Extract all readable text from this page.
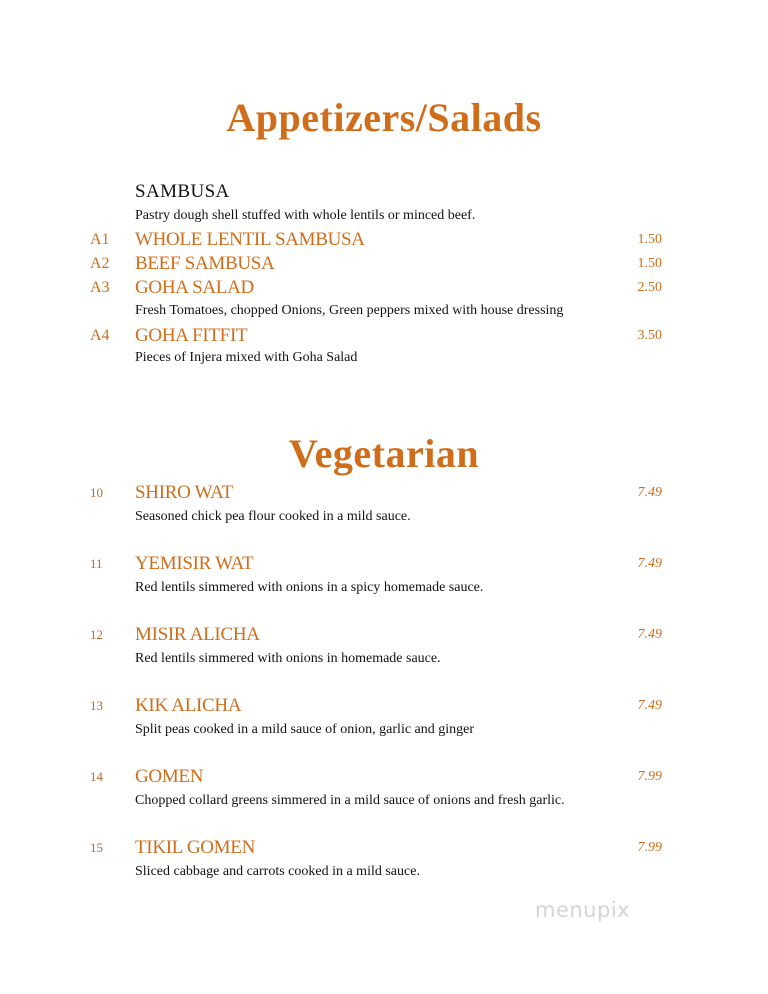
Appetizers/Salads
SAMBUSA
Pastry dough shell stuffed with whole lentils or minced beef.
A1 WHOLE LENTIL SAMBUSA	1.50
A2 BEEF SAMBUSA	1.50
A3 GOHA SALAD	2.50
Fresh Tomatoes, chopped Onions, Green peppers mixed with house dressing
A4 GOHA FITFIT	3.50
Pieces of Injera mixed with Goha Salad
Vegetarian
10 SHIRO WAT	7.49
Seasoned chick pea flour cooked in a mild sauce.
11 YEMISIR WAT	7.49
Red lentils simmered with onions in a spicy homemade sauce.
12 MISIR ALICHA	7.49
Red lentils simmered with onions in homemade sauce.
13 KIK ALICHA	7.49
Split peas cooked in a mild sauce of onion, garlic and ginger
14 GOMEN	7.99
Chopped collard greens simmered in a mild sauce of onions and fresh garlic.
15 TIKIL GOMEN	7.99
Sliced cabbage and carrots cooked in a mild sauce.
menupix
